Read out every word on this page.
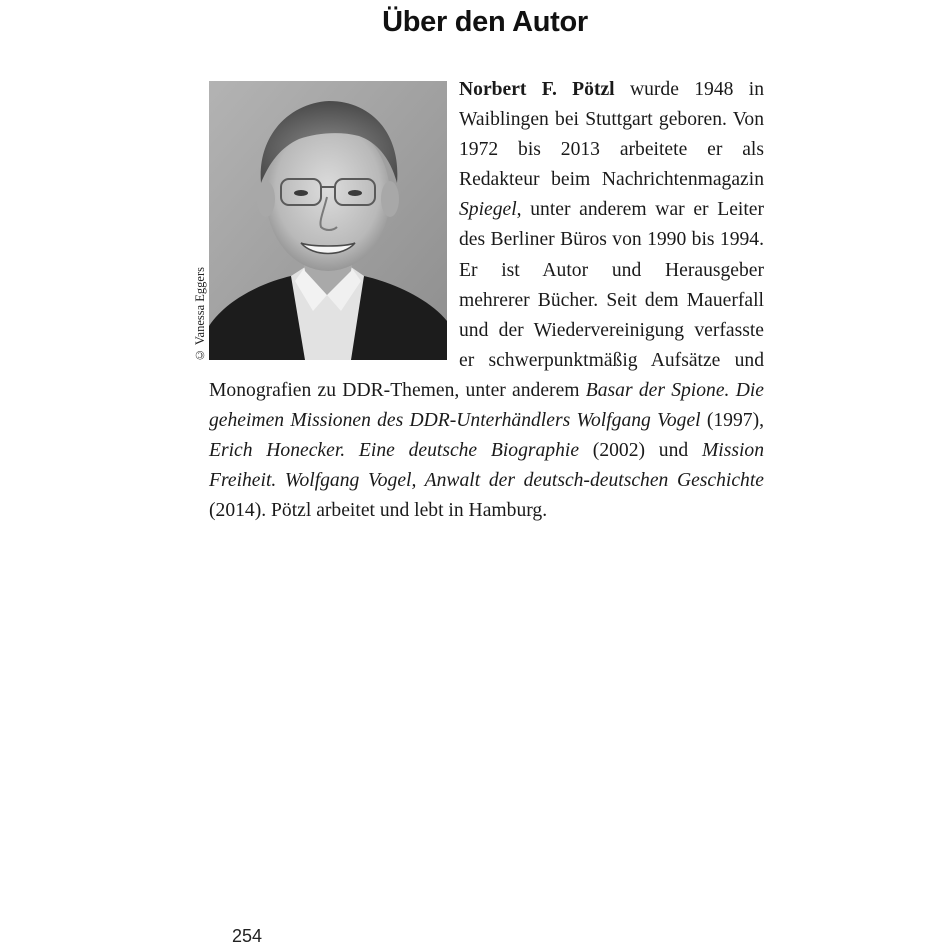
Über den Autor
© Vanessa Eggers
Norbert F. Pötzl wurde 1948 in Waiblingen bei Stuttgart geboren. Von 1972 bis 2013 arbeitete er als Redakteur beim Nachrichtenmagazin Spiegel, unter anderem war er Leiter des Berliner Büros von 1990 bis 1994. Er ist Autor und Herausgeber mehrerer Bücher. Seit dem Mauerfall und der Wiedervereinigung verfasste er schwerpunktmäßig Aufsätze und Monografien zu DDR-Themen, unter anderem Basar der Spione. Die geheimen Missionen des DDR-Unterhändlers Wolfgang Vogel (1997), Erich Honecker. Eine deutsche Biographie (2002) und Mission Freiheit. Wolfgang Vogel, Anwalt der deutsch-deutschen Geschichte (2014). Pötzl arbeitet und lebt in Hamburg.
254
